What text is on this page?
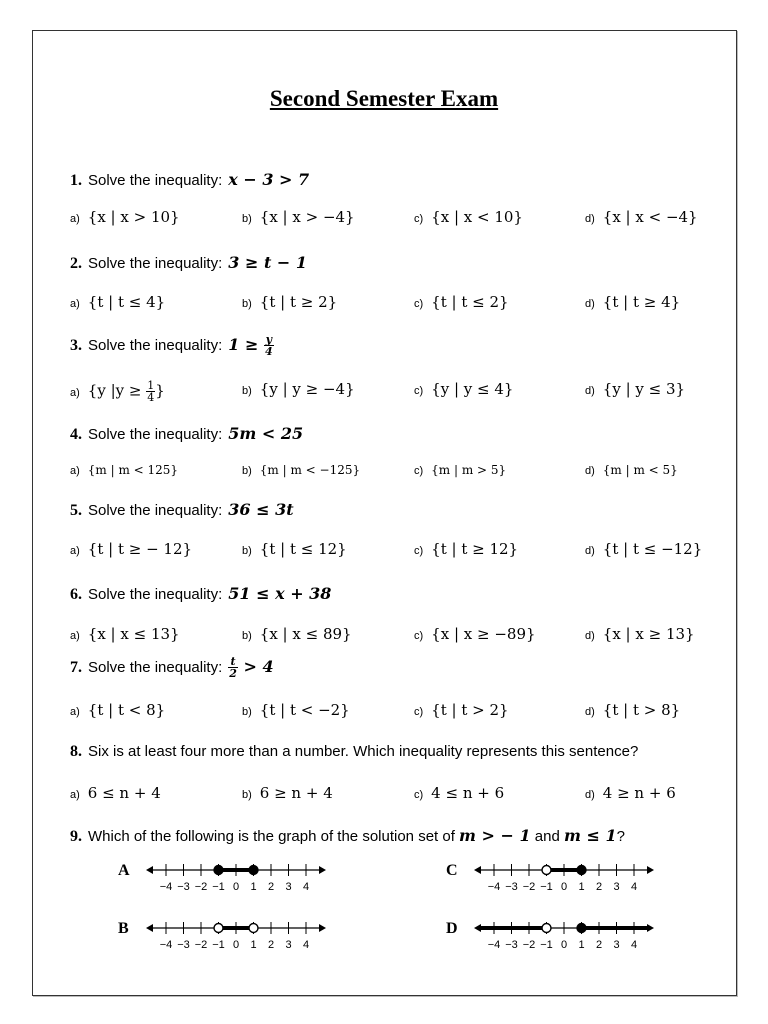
Second Semester Exam
1. Solve the inequality: x − 3 > 7
a) {x | x > 10}	b) {x | x > −4}	c) {x | x < 10}	d) {x | x < −4}
2. Solve the inequality: 3 ≥ t − 1
a) {t | t ≤ 4}	b) {t | t ≥ 2}	c) {t | t ≤ 2}	d) {t | t ≥ 4}
3. Solve the inequality: $1 \ge \frac{y}{4}$
a) {y $|y \ge \frac{1}{4}$ }	b) {y | y ≥ −4}	c) {y | y ≤ 4}	d) {y | y ≤ 3}
4. Solve the inequality: 5m < 25
a) {m | m < 125}	b) {m | m < −125}	c) {m | m > 5}	d) {m | m < 5}
5. Solve the inequality: 36 ≤ 3t
a) {t | t ≥ − 12}	b) {t | t ≤ 12}	c) {t | t ≥ 12}	d) {t | t ≤ −12}
6. Solve the inequality: 51 ≤ x + 38
a) {x | x ≤ 13}	b) {x | x ≤ 89}	c) {x | x ≥ −89}	d) {x | x ≥ 13}
7. Solve the inequality: $\frac{t}{2} > 4$
a) {t | t < 8}	b) {t | t < −2}	c) {t | t > 2}	d) {t | t > 8}
8. Six is at least four more than a number. Which inequality represents this sentence?
a) 6 ≤ n + 4	b) 6 ≥ n + 4	c) 4 ≤ n + 6	d) 4 ≥ n + 6
9. Which of the following is the graph of the solution set of m > − 1 and m ≤ 1?
A
−4 −3 −2 −1 0 1 2 3 4
C
−4 −3 −2 −1 0 1 2 3 4
B
−4 −3 −2 −1 0 1 2 3 4
D
−4 −3 −2 −1 0 1 2 3 4
